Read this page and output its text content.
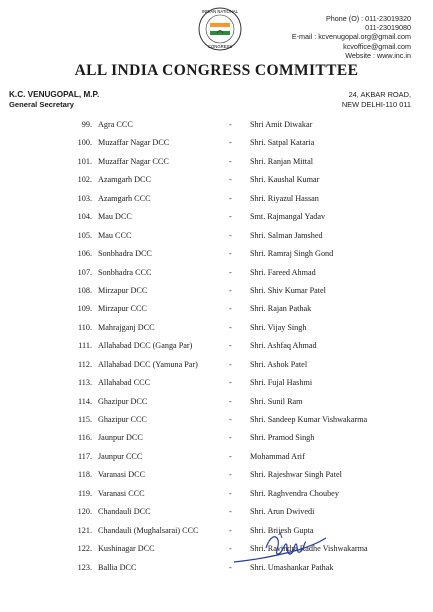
INDIAN NATIONAL
CONGRESS
Phone (O) : 011-23019320
011-23019080
E-mail : kcvenugopal.org@gmail.com
kcvoffice@gmail.com
Website : www.inc.in
ALL INDIA CONGRESS COMMITTEE
K.C. VENUGOPAL, M.P.
General Secretary
24, AKBAR ROAD,
NEW DELHI-110 011
99. Agra CCC	- Shri Amit Diwakar
100. Muzaffar Nagar DCC	- Shri. Satpal Kataria
101. Muzaffar Nagar CCC	- Shri. Ranjan Mittal
102. Azamgarh DCC	- Shri. Kaushal Kumar
103. Azamgarh CCC	- Shri. Riyazul Hassan
104. Mau DCC	- Smt. Rajmangal Yadav
105. Mau CCC	- Shri. Salman Jamshed
106. Sonbhadra DCC	- Shri. Ramraj Singh Gond
107. Sonbhadra CCC	- Shri. Fareed Ahmad
108. Mirzapur DCC	- Shri. Shiv Kumar Patel
109. Mirzapur CCC	- Shri. Rajan Pathak
110. Mahrajganj DCC	- Shri. Vijay Singh
111. Allahabad DCC (Ganga Par)	- Shri. Ashfaq Ahmad
112. Allahabad DCC (Yamuna Par)	- Shri. Ashok Patel
113. Allahabad CCC	- Shri. Fujal Hashmi
114. Ghazipur DCC	- Shri. Sunil Ram
115. Ghazipur CCC	- Shri. Sandeep Kumar Vishwakarma
116. Jaunpur DCC	- Shri. Pramod Singh
117. Jaunpur CCC	- Mohammad Arif
118. Varanasi DCC	- Shri. Rajeshwar Singh Patel
119. Varanasi CCC	- Shri. Raghvendra Choubey
120. Chandauli DCC	- Shri. Arun Dwivedi
121. Chandauli (Mughalsarai) CCC	- Shri. Brijesh Gupta
122. Kushinagar DCC	- Shri. Ravindra Radhe Vishwakarma
123. Ballia DCC	- Shri. Umashankar Pathak
